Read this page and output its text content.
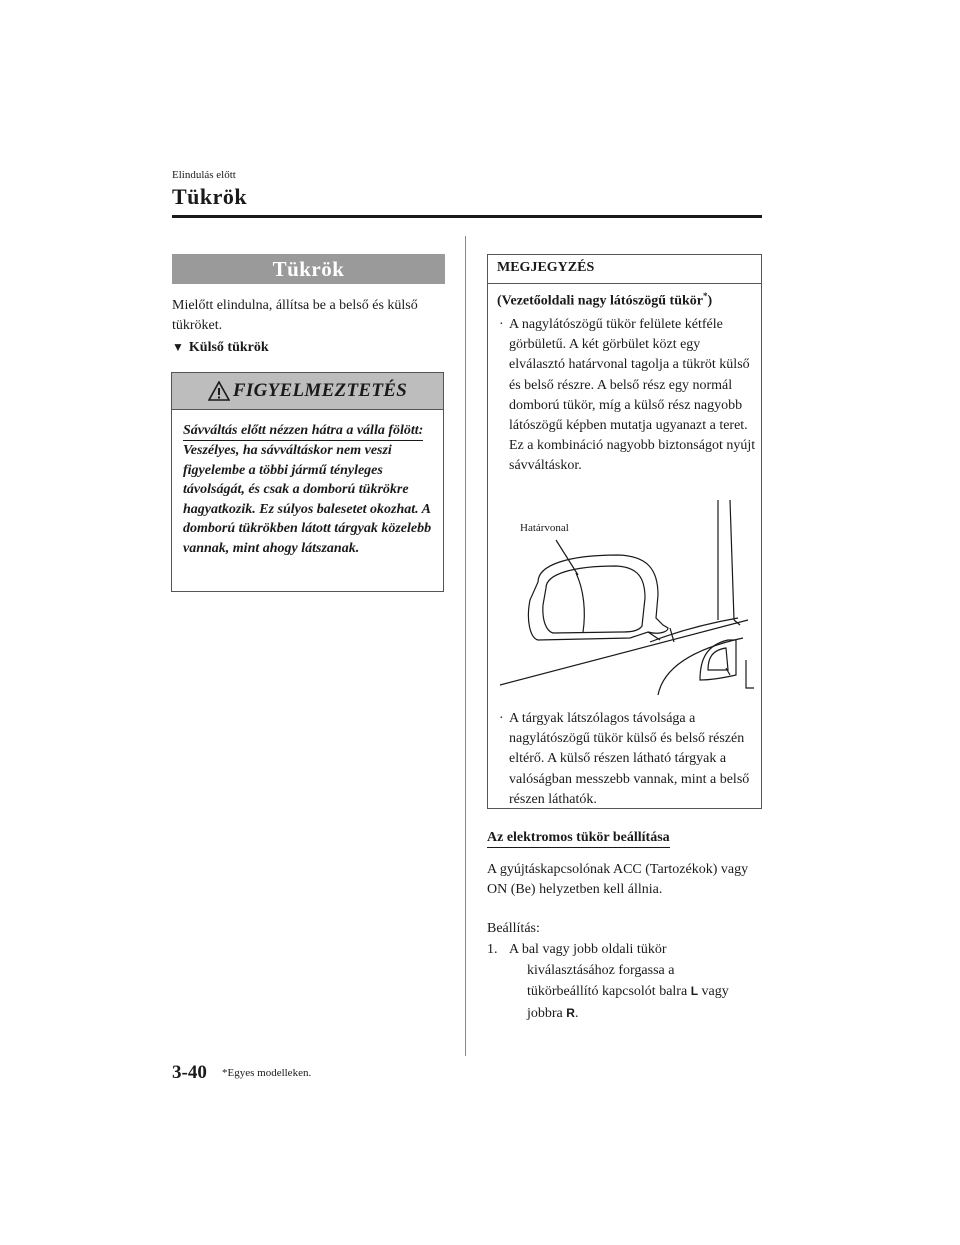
Elindulás előtt
Tükrök
Tükrök
Mielőtt elindulna, állítsa be a belső és külső tükröket.
▼ Külső tükrök
FIGYELMEZTETÉS
Sávváltás előtt nézzen hátra a válla fölött:
Veszélyes, ha sávváltáskor nem veszi figyelembe a többi jármű tényleges távolságát, és csak a domború tükrökre hagyatkozik. Ez súlyos balesetet okozhat. A domború tükrökben látott tárgyak közelebb vannak, mint ahogy látszanak.
MEGJEGYZÉS
(Vezetőoldali nagy látószögű tükör*)
· A nagylátószögű tükör felülete kétféle görbületű. A két görbület közt egy elválasztó határvonal tagolja a tükröt külső és belső részre. A belső rész egy normál domború tükör, míg a külső rész nagyobb látószögű képben mutatja ugyanazt a teret. Ez a kombináció nagyobb biztonságot nyújt sávváltáskor.
Határvonal
· A tárgyak látszólagos távolsága a nagylátószögű tükör külső és belső részén eltérő. A külső részen látható tárgyak a valóságban messzebb vannak, mint a belső részen láthatók.
Az elektromos tükör beállítása
A gyújtáskapcsolónak ACC (Tartozékok) vagy ON (Be) helyzetben kell állnia.
Beállítás:
1. A bal vagy jobb oldali tükör
kiválasztásához forgassa a
tükörbeállító kapcsolót balra L vagy
jobbra R.
3-40 *Egyes modelleken.
